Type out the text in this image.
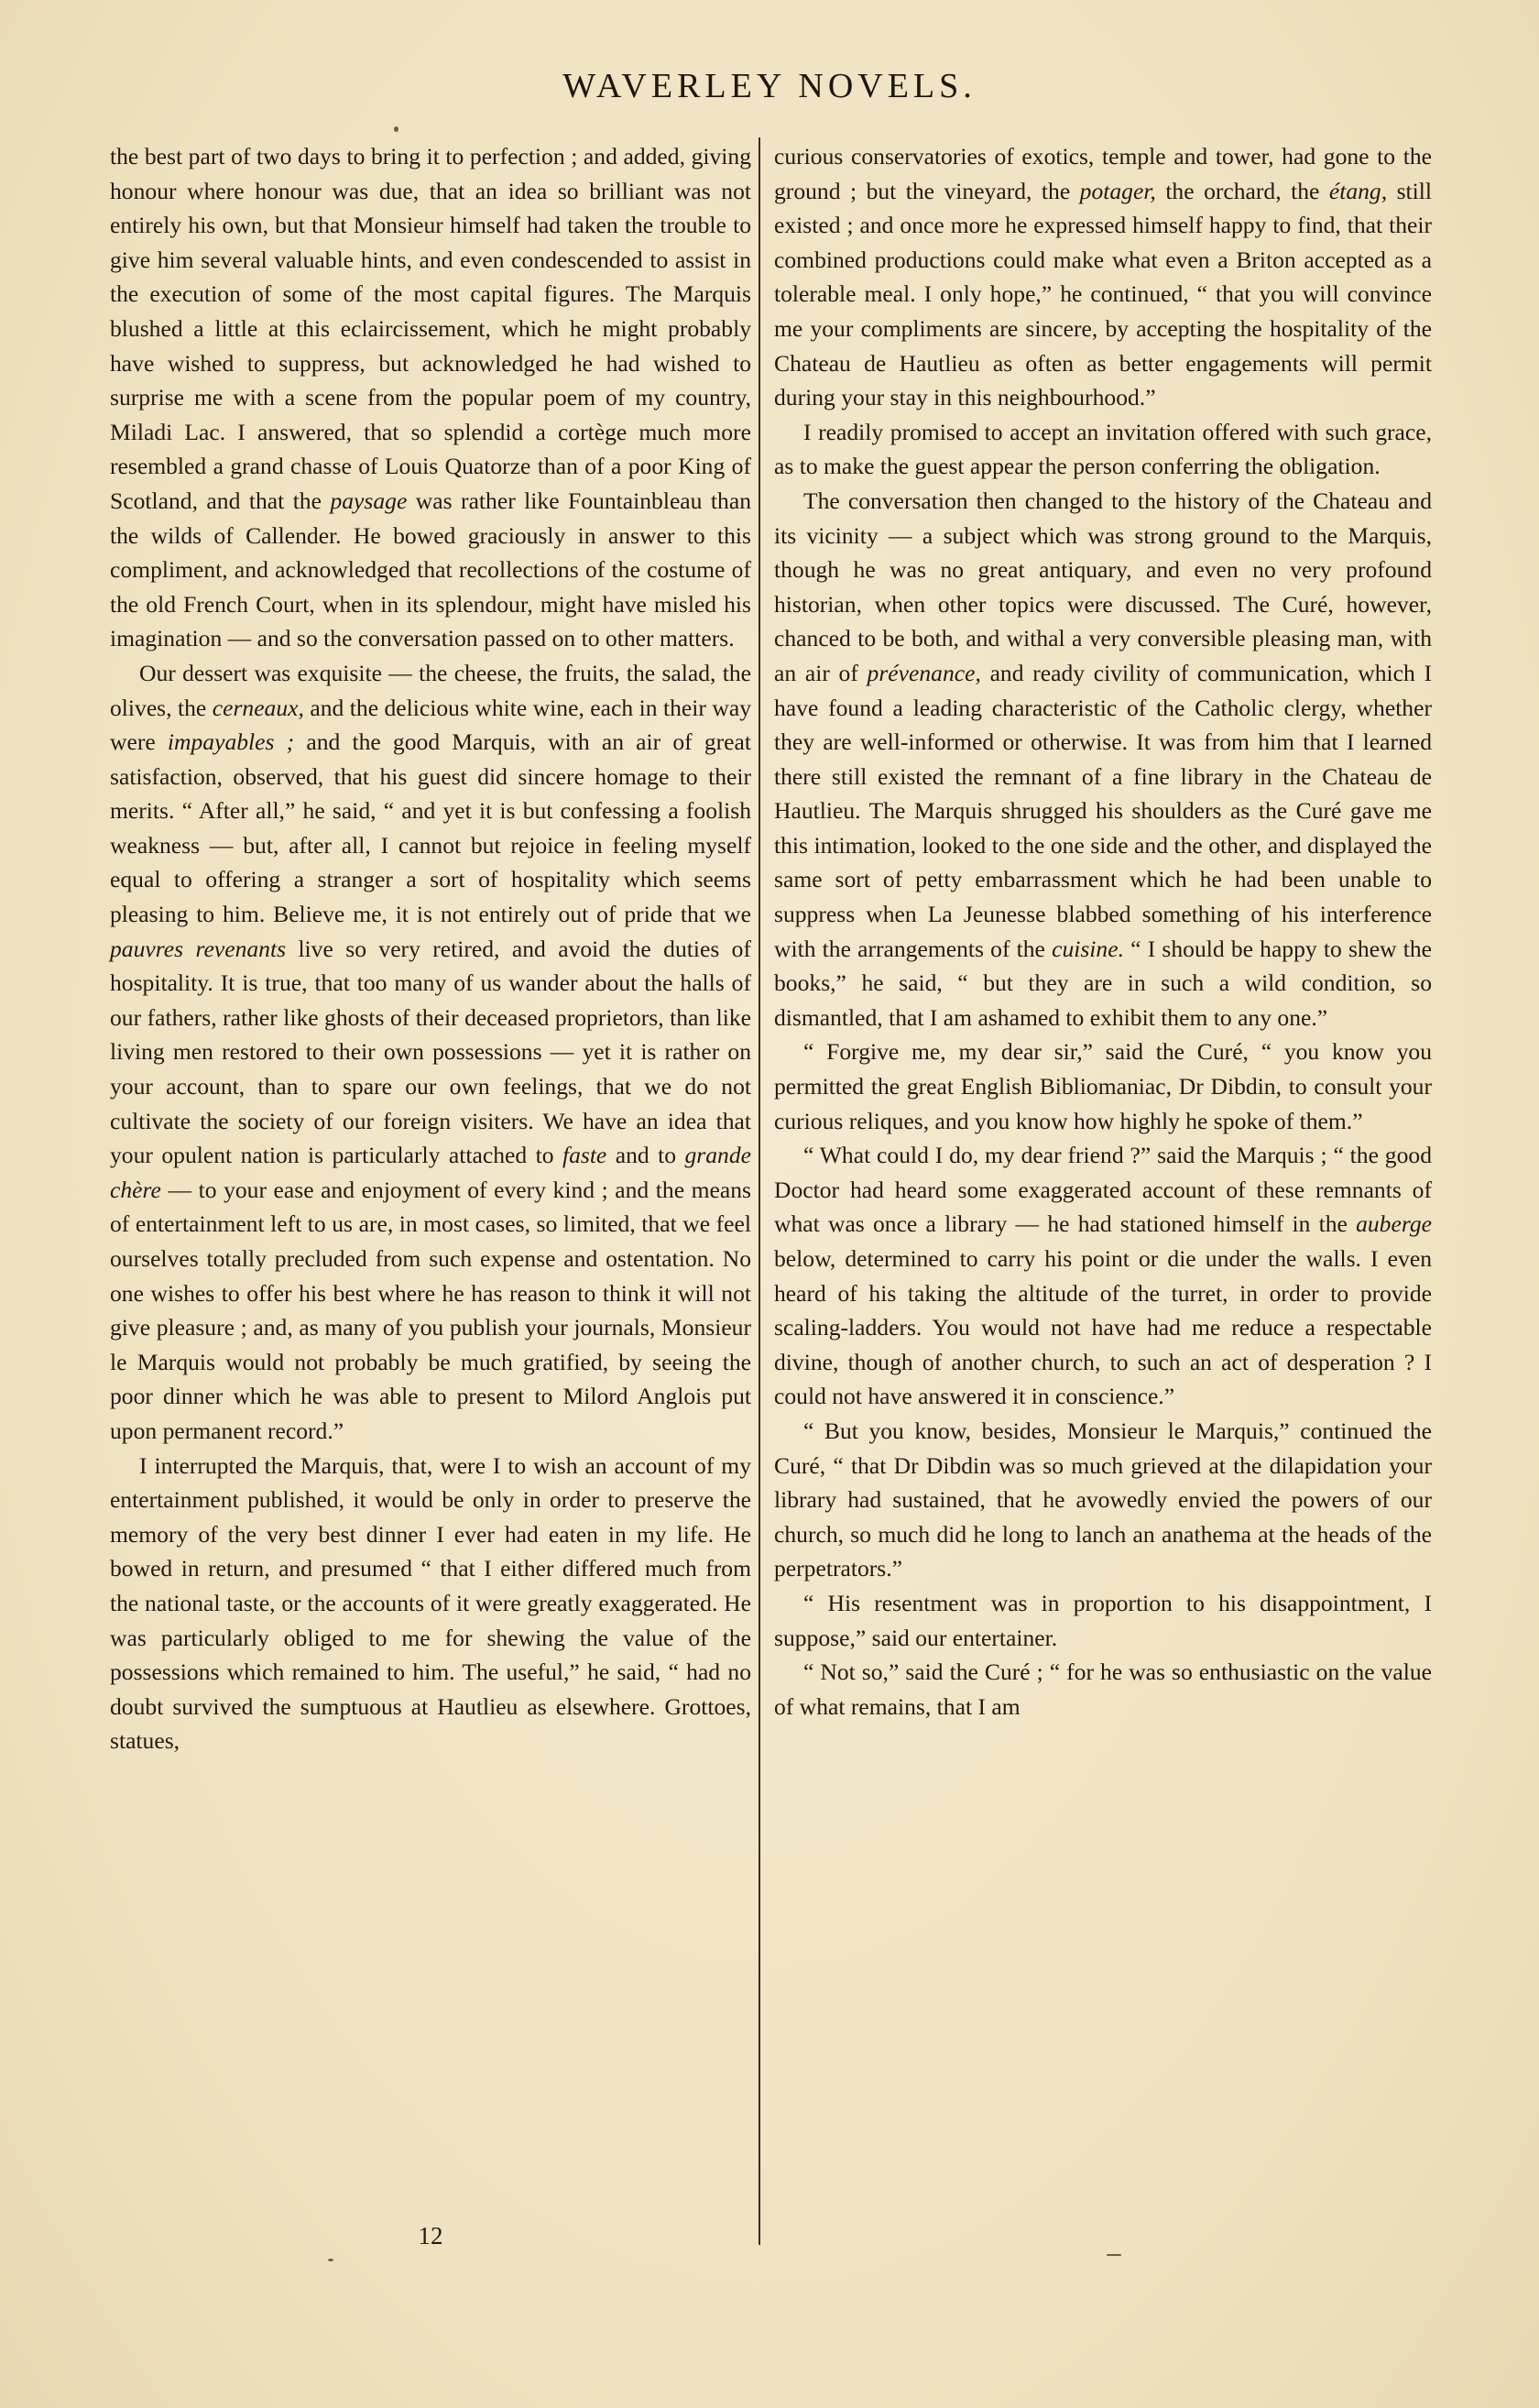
WAVERLEY NOVELS.

the best part of two days to bring it to perfection ; and added, giving honour where honour was due, that an idea so brilliant was not entirely his own, but that Monsieur himself had taken the trouble to give him several valuable hints, and even condescended to assist in the execution of some of the most capital figures. The Marquis blushed a little at this eclaircissement, which he might probably have wished to suppress, but acknowledged he had wished to surprise me with a scene from the popular poem of my country, Miladi Lac. I answered, that so splendid a cortège much more resembled a grand chasse of Louis Quatorze than of a poor King of Scotland, and that the paysage was rather like Fountainbleau than the wilds of Callender. He bowed graciously in answer to this compliment, and acknowledged that recollections of the costume of the old French Court, when in its splendour, might have misled his imagination — and so the conversation passed on to other matters.

Our dessert was exquisite — the cheese, the fruits, the salad, the olives, the cerneaux, and the delicious white wine, each in their way were impayables ; and the good Marquis, with an air of great satisfaction, observed, that his guest did sincere homage to their merits. “ After all,” he said, “ and yet it is but confessing a foolish weakness — but, after all, I cannot but rejoice in feeling myself equal to offering a stranger a sort of hospitality which seems pleasing to him. Believe me, it is not entirely out of pride that we pauvres revenants live so very retired, and avoid the duties of hospitality. It is true, that too many of us wander about the halls of our fathers, rather like ghosts of their deceased proprietors, than like living men restored to their own possessions — yet it is rather on your account, than to spare our own feelings, that we do not cultivate the society of our foreign visiters. We have an idea that your opulent nation is particularly attached to faste and to grande chère — to your ease and enjoyment of every kind ; and the means of entertainment left to us are, in most cases, so limited, that we feel ourselves totally precluded from such expense and ostentation. No one wishes to offer his best where he has reason to think it will not give pleasure ; and, as many of you publish your journals, Monsieur le Marquis would not probably be much gratified, by seeing the poor dinner which he was able to present to Milord Anglois put upon permanent record.”

I interrupted the Marquis, that, were I to wish an account of my entertainment published, it would be only in order to preserve the memory of the very best dinner I ever had eaten in my life. He bowed in return, and presumed “ that I either differed much from the national taste, or the accounts of it were greatly exaggerated. He was particularly obliged to me for shewing the value of the possessions which remained to him. The useful,” he said, “ had no doubt survived the sumptuous at Hautlieu as elsewhere. Grottoes, statues,

curious conservatories of exotics, temple and tower, had gone to the ground ; but the vineyard, the potager, the orchard, the étang, still existed ; and once more he expressed himself happy to find, that their combined productions could make what even a Briton accepted as a tolerable meal. I only hope,” he continued, “ that you will convince me your compliments are sincere, by accepting the hospitality of the Chateau de Hautlieu as often as better engagements will permit during your stay in this neighbourhood.”

I readily promised to accept an invitation offered with such grace, as to make the guest appear the person conferring the obligation.

The conversation then changed to the history of the Chateau and its vicinity — a subject which was strong ground to the Marquis, though he was no great antiquary, and even no very profound historian, when other topics were discussed. The Curé, however, chanced to be both, and withal a very conversible pleasing man, with an air of prévenance, and ready civility of communication, which I have found a leading characteristic of the Catholic clergy, whether they are well-informed or otherwise. It was from him that I learned there still existed the remnant of a fine library in the Chateau de Hautlieu. The Marquis shrugged his shoulders as the Curé gave me this intimation, looked to the one side and the other, and displayed the same sort of petty embarrassment which he had been unable to suppress when La Jeunesse blabbed something of his interference with the arrangements of the cuisine. “ I should be happy to shew the books,” he said, “ but they are in such a wild condition, so dismantled, that I am ashamed to exhibit them to any one.”

“ Forgive me, my dear sir,” said the Curé, “ you know you permitted the great English Bibliomaniac, Dr Dibdin, to consult your curious reliques, and you know how highly he spoke of them.”

“ What could I do, my dear friend ?” said the Marquis ; “ the good Doctor had heard some exaggerated account of these remnants of what was once a library — he had stationed himself in the auberge below, determined to carry his point or die under the walls. I even heard of his taking the altitude of the turret, in order to provide scaling-ladders. You would not have had me reduce a respectable divine, though of another church, to such an act of desperation ? I could not have answered it in conscience.”

“ But you know, besides, Monsieur le Marquis,” continued the Curé, “ that Dr Dibdin was so much grieved at the dilapidation your library had sustained, that he avowedly envied the powers of our church, so much did he long to lanch an anathema at the heads of the perpetrators.”

“ His resentment was in proportion to his disappointment, I suppose,” said our entertainer.

“ Not so,” said the Curé ; “ for he was so enthusiastic on the value of what remains, that I am

12
